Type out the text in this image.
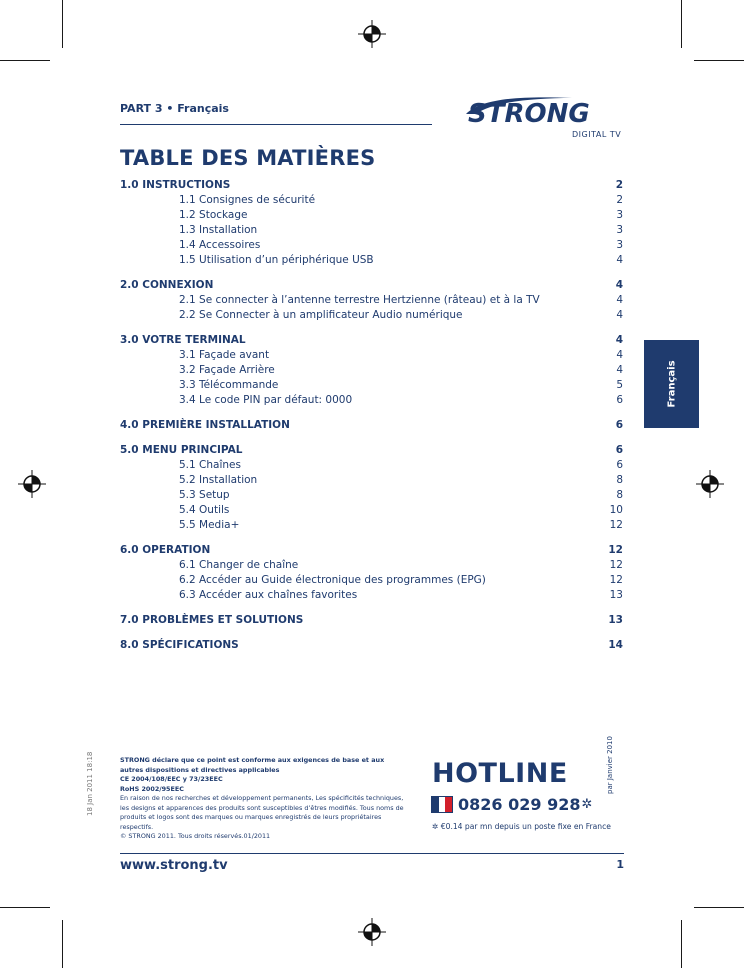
PART 3 • Français	STRONG
DIGITAL TV
TABLE DES MATIÈRES
1.0 INSTRUCTIONS	2
1.1 Consignes de sécurité	2
1.2 Stockage	3
1.3 Installation	3
1.4 Accessoires	3
1.5 Utilisation d’un périphérique USB	4
2.0 CONNEXION	4
2.1 Se connecter à l’antenne terrestre Hertzienne (râteau) et à la TV	4
2.2 Se Connecter à un amplificateur Audio numérique	4
3.0 VOTRE TERMINAL	4
3.1 Façade avant	4
3.2 Façade Arrière	4
3.3 Télécommande	5
3.4 Le code PIN par défaut: 0000	6
4.0 PREMIÈRE INSTALLATION	6
5.0 MENU PRINCIPAL	6
5.1 Chaînes	6
5.2 Installation	8
5.3 Setup	8
5.4 Outils	10
5.5 Media+	12
6.0 OPERATION	12
6.1 Changer de chaîne	12
6.2 Accéder au Guide électronique des programmes (EPG)	12
6.3 Accéder aux chaînes favorites	13
7.0 PROBLÈMES ET SOLUTIONS	13
8.0 SPÉCIFICATIONS	14
Français
STRONG déclare que ce point est conforme aux exigences de base et aux autres dispositions et directives applicables
CE 2004/108/EEC y 73/23EEC
RoHS 2002/95EEC
En raison de nos recherches et développement permanents, Les spécificités techniques, les designs et apparences des produits sont susceptibles d’êtres modifiés. Tous noms de produits et logos sont des marques ou marques enregistrés de leurs propriétaires respectifs.
© STRONG 2011. Tous droits réservés.01/2011
18 Jan 2011 18:18	HOTLINE
0826 029 928 ✲
✲ €0.14 par mn depuis un poste fixe en France
par Janvier 2010
www.strong.tv	1
